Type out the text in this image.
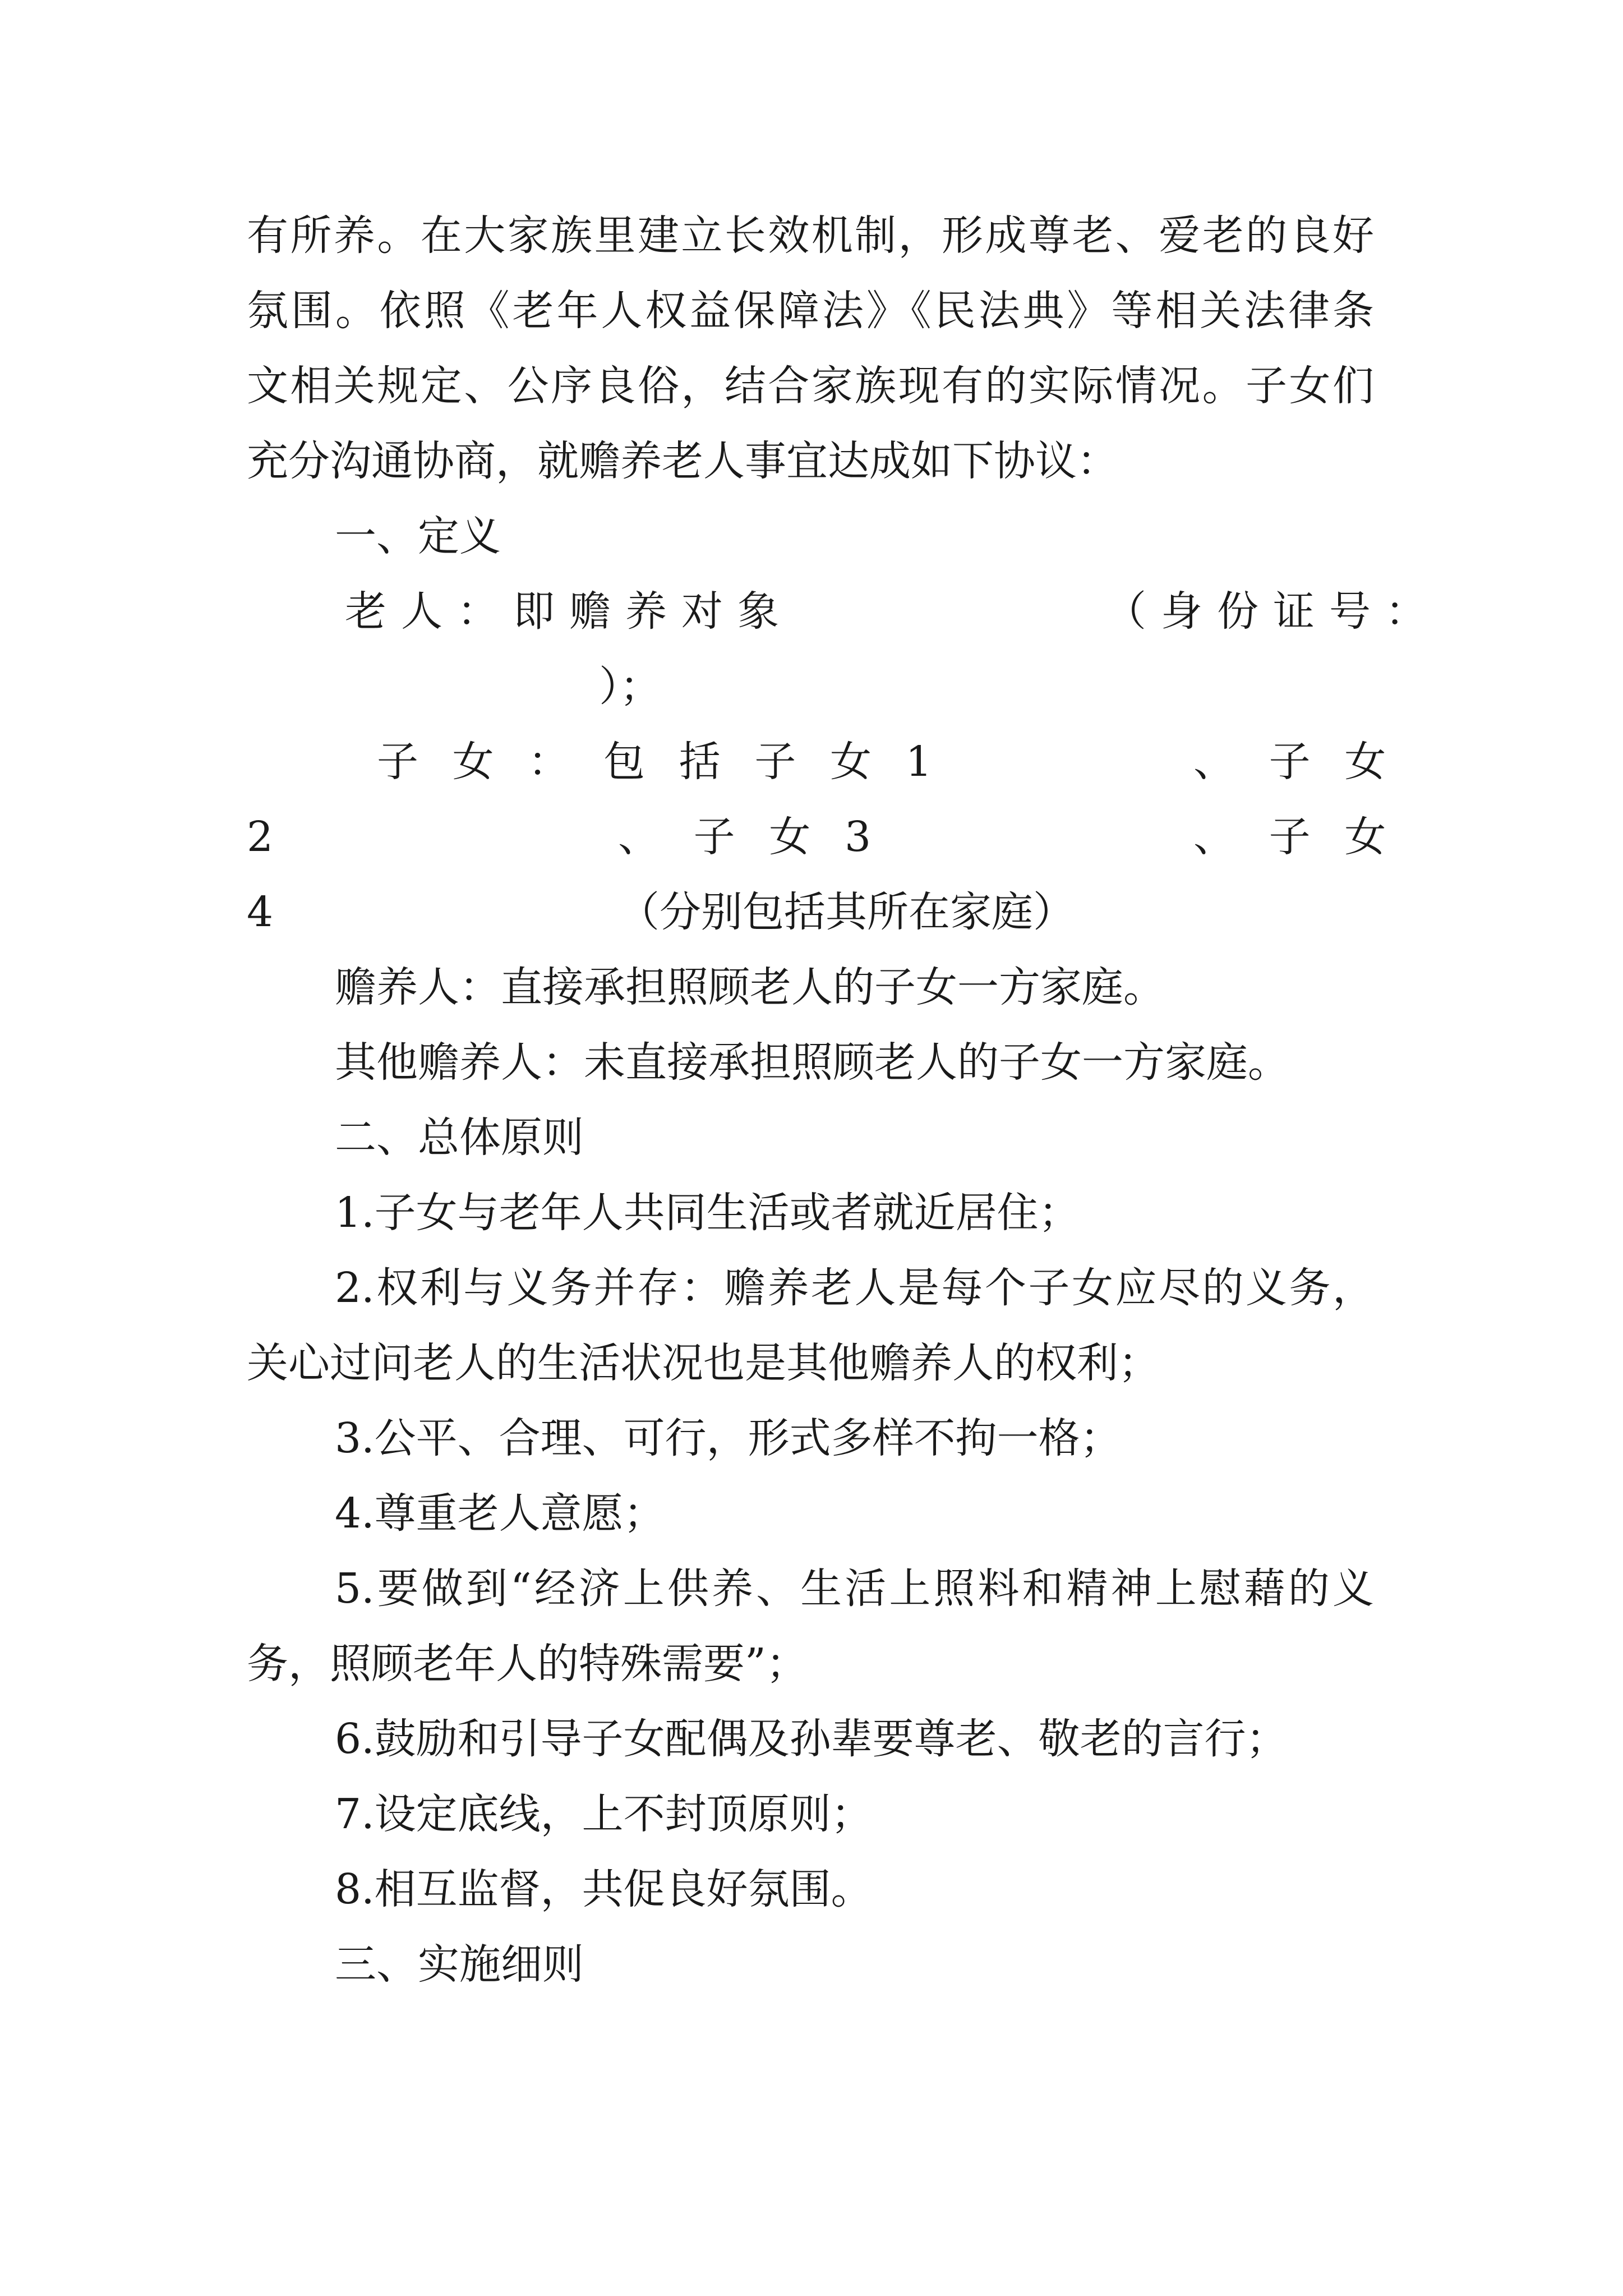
有所养。在大家族里建立长效机制，形成尊老、爱老的良好
氛围。依照《老年人权益保障法》《民法典》等相关法律条
文相关规定、公序良俗，结合家族现有的实际情况。子女们
充分沟通协商，就赡养老人事宜达成如下协议：
一、定义
老人：即赡养对象	（身份证号：
）；
子女：包括子女1	、子女
2	、子女3	、子女
4	（分别包括其所在家庭）
赡养人：直接承担照顾老人的子女一方家庭。
其他赡养人：未直接承担照顾老人的子女一方家庭。
二、总体原则
1.子女与老年人共同生活或者就近居住；
2.权利与义务并存：赡养老人是每个子女应尽的义务，
关心过问老人的生活状况也是其他赡养人的权利；
3.公平、合理、可行，形式多样不拘一格；
4.尊重老人意愿；
5.要做到“经济上供养、生活上照料和精神上慰藉的义
务，照顾老年人的特殊需要”；
6.鼓励和引导子女配偶及孙辈要尊老、敬老的言行；
7.设定底线，上不封顶原则；
8.相互监督，共促良好氛围。
三、实施细则
